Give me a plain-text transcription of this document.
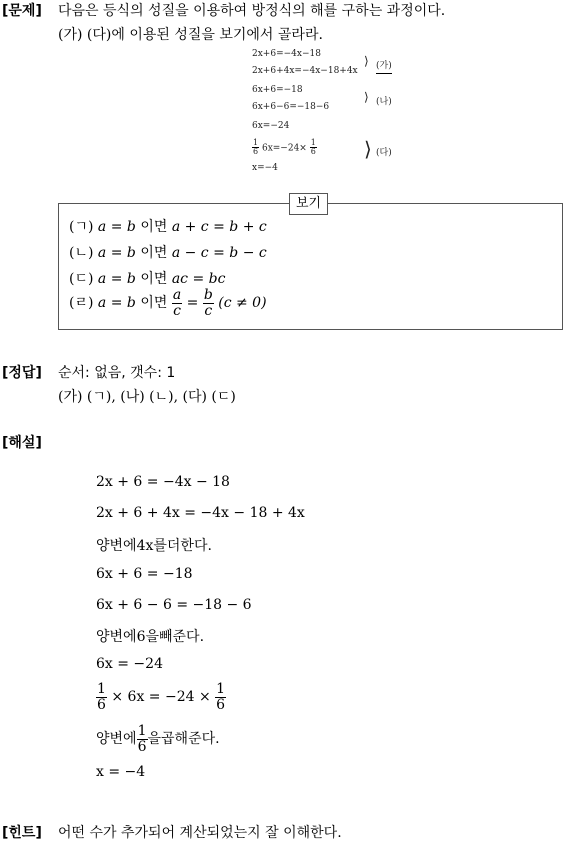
[문제] 다음은 등식의 성질을 이용하여 방정식의 해를 구하는 과정이다.
(가) (다)에 이용된 성질을 보기에서 골라라.
2x+6=−4x−18
2x+6+4x=−4x−18+4x
6x+6=−18
6x+6−6=−18−6
6x=−24
$\frac{1}{6} 6x=-24\times \frac{1}{6}$
x=−4
⟩ (가)
⟩ (나)
⟩ (다)
(ㄱ) a = b 이면 a + c = b + c
(ㄴ) a = b 이면 a − c = b − c
(ㄷ) a = b 이면 ac = bc
(ㄹ) a = b 이면 $\frac{a}{c} = \frac{b}{c} (c \ne 0)$
보기
[정답] 순서: 없음, 갯수: 1
(가) (ㄱ), (나) (ㄴ), (다) (ㄷ)
[해설]
2x + 6 = −4x − 18
2x + 6 + 4x = −4x − 18 + 4x
양변에4x를더한다.
6x + 6 = −18
6x + 6 − 6 = −18 − 6
양변에6을빼준다.
6x = −24
$\frac{1}{6} \times 6x = -24 \times \frac{1}{6}$
양변에 $\frac{1}{6}$ 을곱해준다.
x = −4
[힌트] 어떤 수가 추가되어 계산되었는지 잘 이해한다.
